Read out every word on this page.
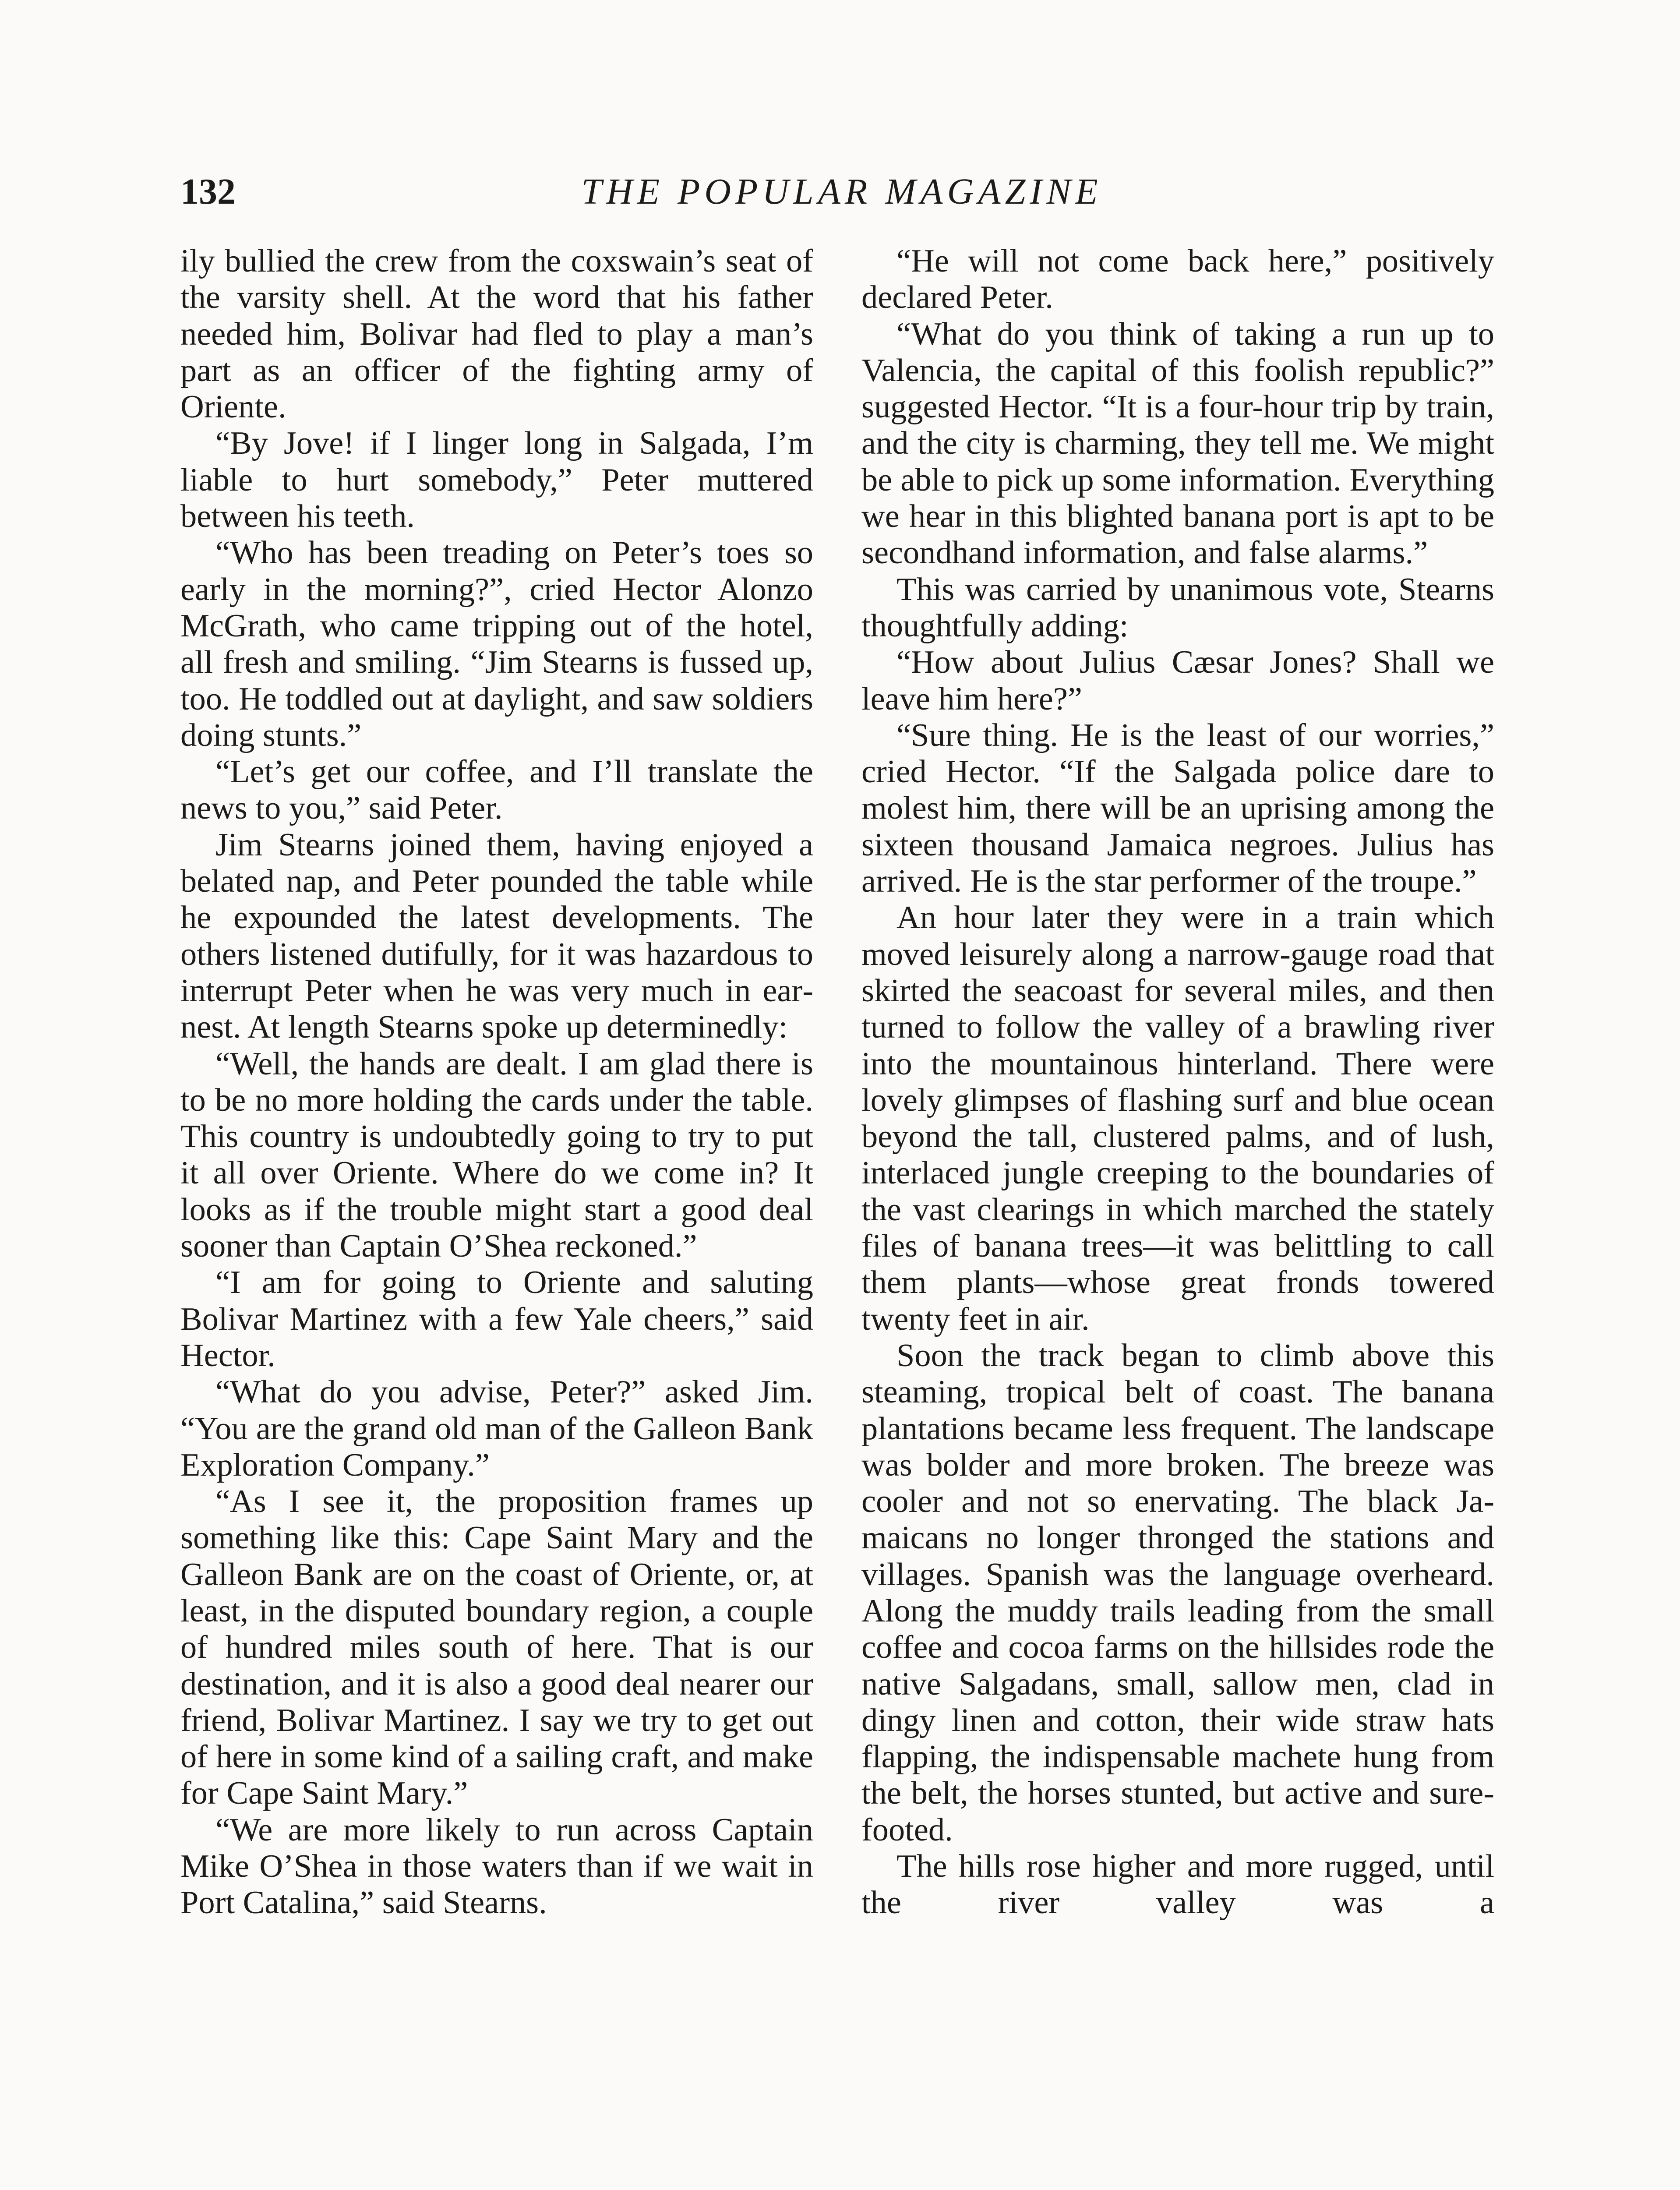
132	THE POPULAR MAGAZINE

ily bullied the crew from the coxswain’s seat of the varsity shell. At the word that his father needed him, Bolivar had fled to play a man’s part as an officer of the fighting army of Oriente.

“By Jove! if I linger long in Salgada, I’m liable to hurt somebody,” Peter muttered between his teeth.

“Who has been treading on Peter’s toes so early in the morning?”, cried Hector Alonzo McGrath, who came tripping out of the hotel, all fresh and smiling. “Jim Stearns is fussed up, too. He toddled out at daylight, and saw soldiers doing stunts.”

“Let’s get our coffee, and I’ll translate the news to you,” said Peter.

Jim Stearns joined them, having enjoyed a belated nap, and Peter pounded the table while he expounded the latest developments. The others listened dutifully, for it was hazardous to interrupt Peter when he was very much in earnest. At length Stearns spoke up determinedly:

“Well, the hands are dealt. I am glad there is to be no more holding the cards under the table. This country is undoubtedly going to try to put it all over Oriente. Where do we come in? It looks as if the trouble might start a good deal sooner than Captain O’Shea reckoned.”

“I am for going to Oriente and saluting Bolivar Martinez with a few Yale cheers,” said Hector.

“What do you advise, Peter?” asked Jim. “You are the grand old man of the Galleon Bank Exploration Company.”

“As I see it, the proposition frames up something like this: Cape Saint Mary and the Galleon Bank are on the coast of Oriente, or, at least, in the disputed boundary region, a couple of hundred miles south of here. That is our destination, and it is also a good deal nearer our friend, Bolivar Martinez. I say we try to get out of here in some kind of a sailing craft, and make for Cape Saint Mary.”

“We are more likely to run across Captain Mike O’Shea in those waters than if we wait in Port Catalina,” said Stearns.

“He will not come back here,” positively declared Peter.

“What do you think of taking a run up to Valencia, the capital of this foolish republic?” suggested Hector. “It is a four-hour trip by train, and the city is charming, they tell me. We might be able to pick up some information. Everything we hear in this blighted banana port is apt to be secondhand information, and false alarms.”

This was carried by unanimous vote, Stearns thoughtfully adding:

“How about Julius Cæsar Jones? Shall we leave him here?”

“Sure thing. He is the least of our worries,” cried Hector. “If the Salgada police dare to molest him, there will be an uprising among the sixteen thousand Jamaica negroes. Julius has arrived. He is the star performer of the troupe.”

An hour later they were in a train which moved leisurely along a narrow-gauge road that skirted the seacoast for several miles, and then turned to follow the valley of a brawling river into the mountainous hinterland. There were lovely glimpses of flashing surf and blue ocean beyond the tall, clustered palms, and of lush, interlaced jungle creeping to the boundaries of the vast clearings in which marched the stately files of banana trees—it was belittling to call them plants—whose great fronds towered twenty feet in air.

Soon the track began to climb above this steaming, tropical belt of coast. The banana plantations became less frequent. The landscape was bolder and more broken. The breeze was cooler and not so enervating. The black Jamaicans no longer thronged the stations and villages. Spanish was the language overheard. Along the muddy trails leading from the small coffee and cocoa farms on the hillsides rode the native Salgadans, small, sallow men, clad in dingy linen and cotton, their wide straw hats flapping, the indispensable machete hung from the belt, the horses stunted, but active and surefooted.

The hills rose higher and more rugged, until the river valley was a
